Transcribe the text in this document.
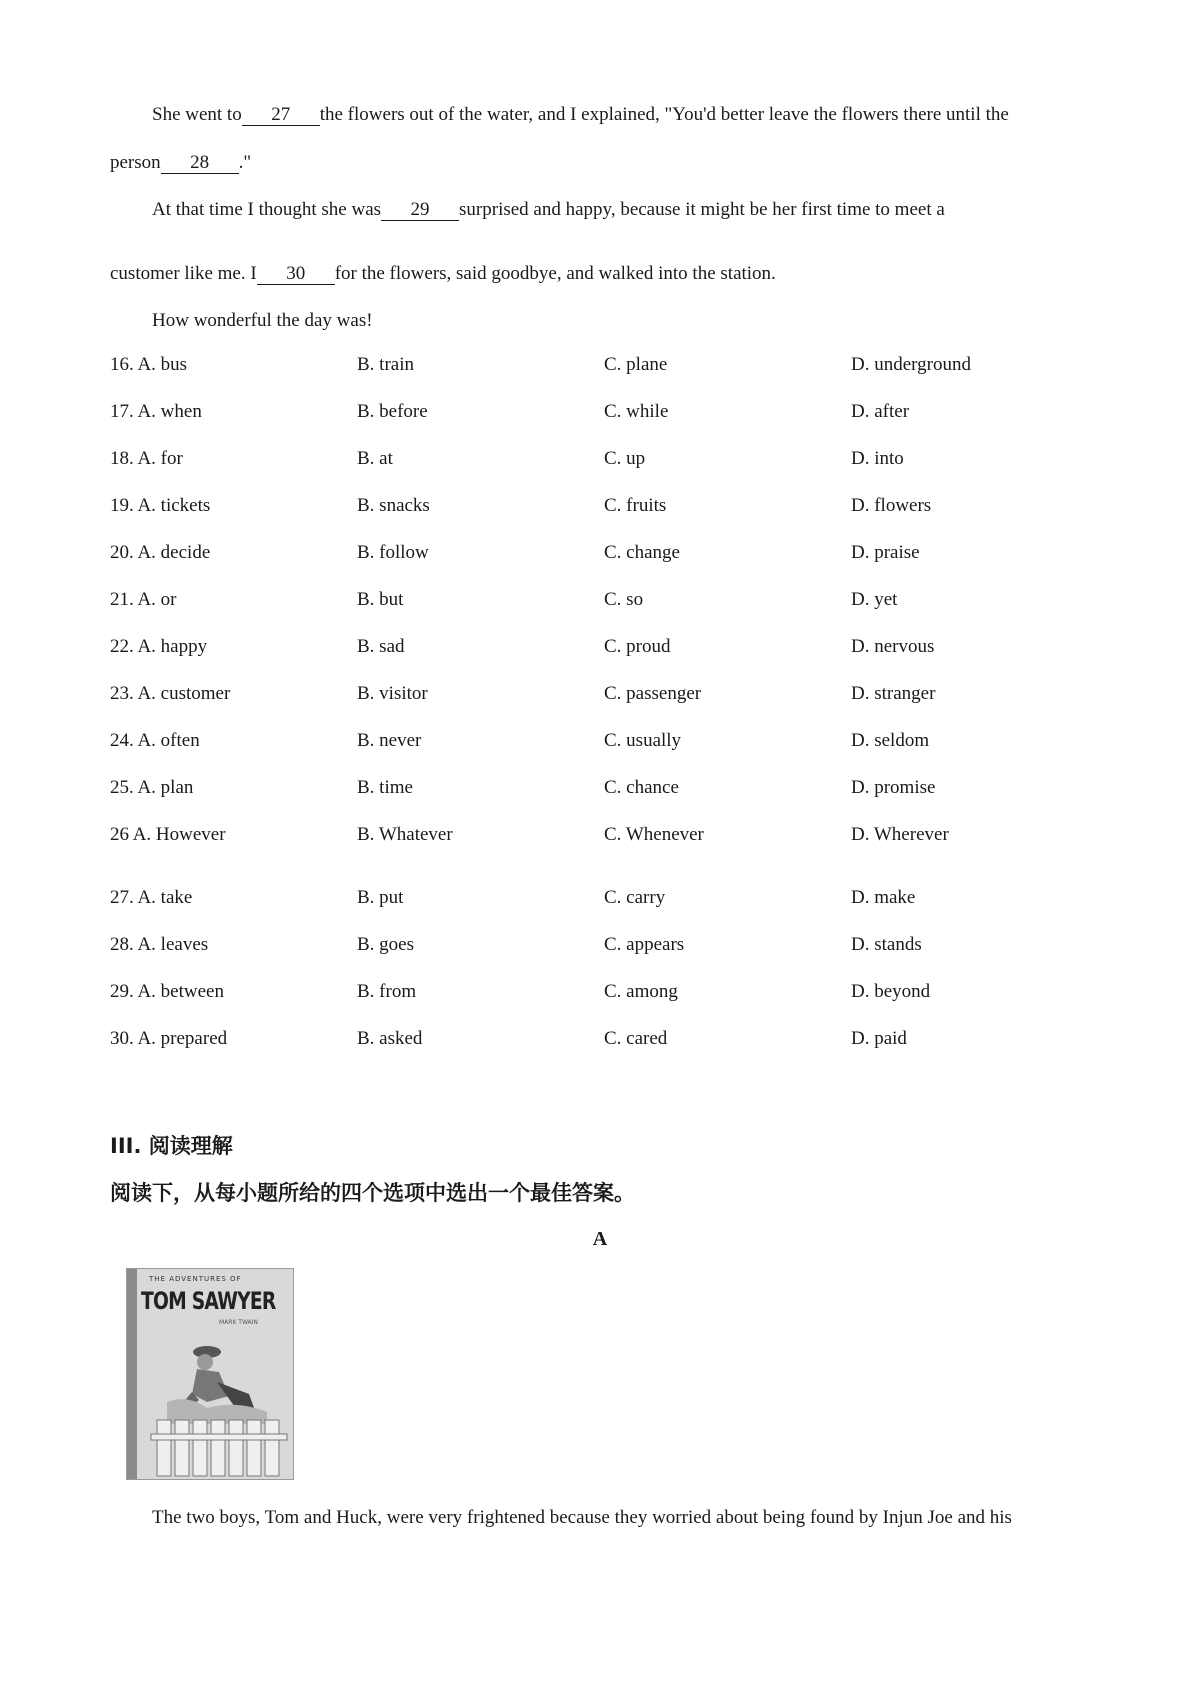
She went to 27 the flowers out of the water, and I explained, "You'd better leave the flowers there until the
person 28 ."
At that time I thought she was 29 surprised and happy, because it might be her first time to meet a
customer like me. I 30 for the flowers, said goodbye, and walked into the station.
How wonderful the day was!
16. A. bus	B. train	C. plane	D. underground
17. A. when	B. before	C. while	D. after
18. A. for	B. at	C. up	D. into
19. A. tickets	B. snacks	C. fruits	D. flowers
20. A. decide	B. follow	C. change	D. praise
21. A. or	B. but	C. so	D. yet
22. A. happy	B. sad	C. proud	D. nervous
23. A. customer	B. visitor	C. passenger	D. stranger
24. A. often	B. never	C. usually	D. seldom
25. A. plan	B. time	C. chance	D. promise
26 A. However	B. Whatever	C. Whenever	D. Wherever
27. A. take	B. put	C. carry	D. make
28. A. leaves	B. goes	C. appears	D. stands
29. A. between	B. from	C. among	D. beyond
30. A. prepared	B. asked	C. cared	D. paid
III. 阅读理解
阅读下，从每小题所给的四个选项中选出一个最佳答案。
A
THE ADVENTURES OF
TOM SAWYER
MARK TWAIN
The two boys, Tom and Huck, were very frightened because they worried about being found by Injun Joe and his
